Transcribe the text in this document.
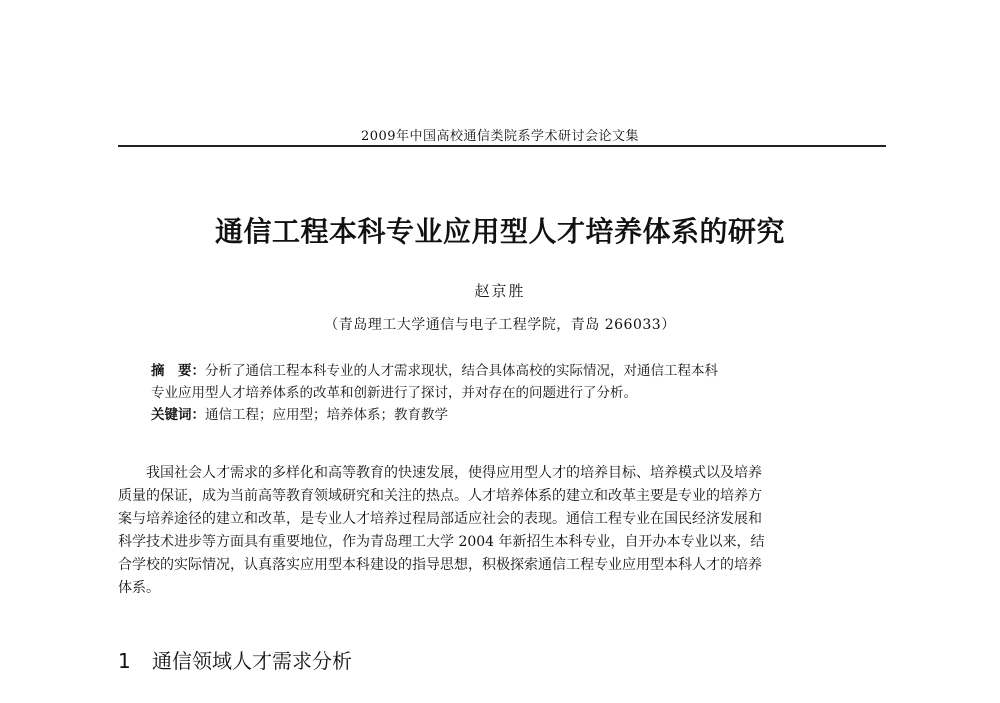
2009年中国高校通信类院系学术研讨会论文集
通信工程本科专业应用型人才培养体系的研究
赵京胜
（青岛理工大学通信与电子工程学院，青岛 266033）
摘　要：分析了通信工程本科专业的人才需求现状，结合具体高校的实际情况，对通信工程本科
专业应用型人才培养体系的改革和创新进行了探讨，并对存在的问题进行了分析。
关键词：通信工程；应用型；培养体系；教育教学
　　我国社会人才需求的多样化和高等教育的快速发展，使得应用型人才的培养目标、培养模式以及培养
质量的保证，成为当前高等教育领域研究和关注的热点。人才培养体系的建立和改革主要是专业的培养方
案与培养途径的建立和改革，是专业人才培养过程局部适应社会的表现。通信工程专业在国民经济发展和
科学技术进步等方面具有重要地位，作为青岛理工大学 2004 年新招生本科专业，自开办本专业以来，结
合学校的实际情况，认真落实应用型本科建设的指导思想，积极探索通信工程专业应用型本科人才的培养
体系。
1 通信领域人才需求分析
